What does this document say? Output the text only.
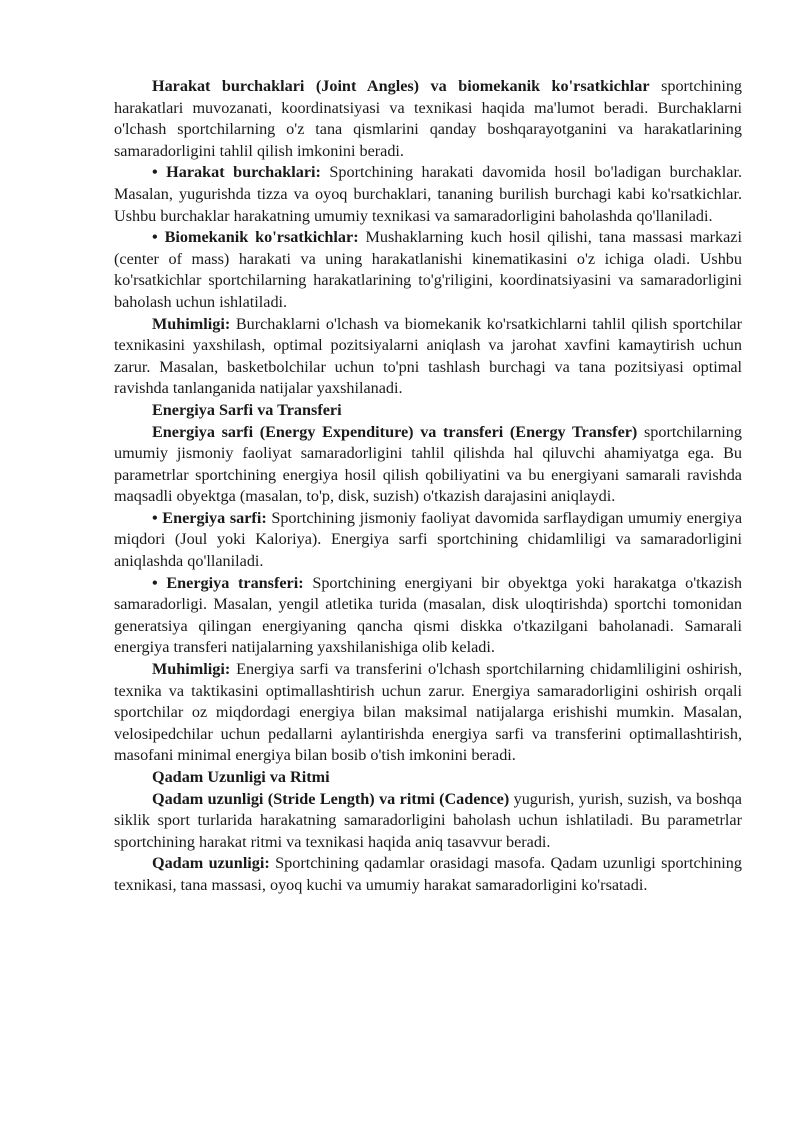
Harakat burchaklari (Joint Angles) va biomekanik ko'rsatkichlar sportchining harakatlari muvozanati, koordinatsiyasi va texnikasi haqida ma'lumot beradi. Burchaklarni o'lchash sportchilarning o'z tana qismlarini qanday boshqarayotganini va harakatlarining samaradorligini tahlil qilish imkonini beradi.

• Harakat burchaklari: Sportchining harakati davomida hosil bo'ladigan burchaklar. Masalan, yugurishda tizza va oyoq burchaklari, tananing burilish burchagi kabi ko'rsatkichlar. Ushbu burchaklar harakatning umumiy texnikasi va samaradorligini baholashda qo'llaniladi.

• Biomekanik ko'rsatkichlar: Mushaklarning kuch hosil qilishi, tana massasi markazi (center of mass) harakati va uning harakatlanishi kinematikasini o'z ichiga oladi. Ushbu ko'rsatkichlar sportchilarning harakatlarining to'g'riligini, koordinatsiyasini va samaradorligini baholash uchun ishlatiladi.

Muhimligi: Burchaklarni o'lchash va biomekanik ko'rsatkichlarni tahlil qilish sportchilar texnikasini yaxshilash, optimal pozitsiyalarni aniqlash va jarohat xavfini kamaytirish uchun zarur. Masalan, basketbolchilar uchun to'pni tashlash burchagi va tana pozitsiyasi optimal ravishda tanlanganida natijalar yaxshilanadi.

Energiya Sarfi va Transferi

Energiya sarfi (Energy Expenditure) va transferi (Energy Transfer) sportchilarning umumiy jismoniy faoliyat samaradorligini tahlil qilishda hal qiluvchi ahamiyatga ega. Bu parametrlar sportchining energiya hosil qilish qobiliyatini va bu energiyani samarali ravishda maqsadli obyektga (masalan, to'p, disk, suzish) o'tkazish darajasini aniqlaydi.

• Energiya sarfi: Sportchining jismoniy faoliyat davomida sarflaydigan umumiy energiya miqdori (Joul yoki Kaloriya). Energiya sarfi sportchining chidamliligi va samaradorligini aniqlashda qo'llaniladi.

• Energiya transferi: Sportchining energiyani bir obyektga yoki harakatga o'tkazish samaradorligi. Masalan, yengil atletika turida (masalan, disk uloqtirishda) sportchi tomonidan generatsiya qilingan energiyaning qancha qismi diskka o'tkazilgani baholanadi. Samarali energiya transferi natijalarning yaxshilanishiga olib keladi.

Muhimligi: Energiya sarfi va transferini o'lchash sportchilarning chidamliligini oshirish, texnika va taktikasini optimallashtirish uchun zarur. Energiya samaradorligini oshirish orqali sportchilar oz miqdordagi energiya bilan maksimal natijalarga erishishi mumkin. Masalan, velosipedchilar uchun pedallarni aylantirishda energiya sarfi va transferini optimallashtirish, masofani minimal energiya bilan bosib o'tish imkonini beradi.

Qadam Uzunligi va Ritmi

Qadam uzunligi (Stride Length) va ritmi (Cadence) yugurish, yurish, suzish, va boshqa siklik sport turlarida harakatning samaradorligini baholash uchun ishlatiladi. Bu parametrlar sportchining harakat ritmi va texnikasi haqida aniq tasavvur beradi.

Qadam uzunligi: Sportchining qadamlar orasidagi masofa. Qadam uzunligi sportchining texnikasi, tana massasi, oyoq kuchi va umumiy harakat samaradorligini ko'rsatadi.
